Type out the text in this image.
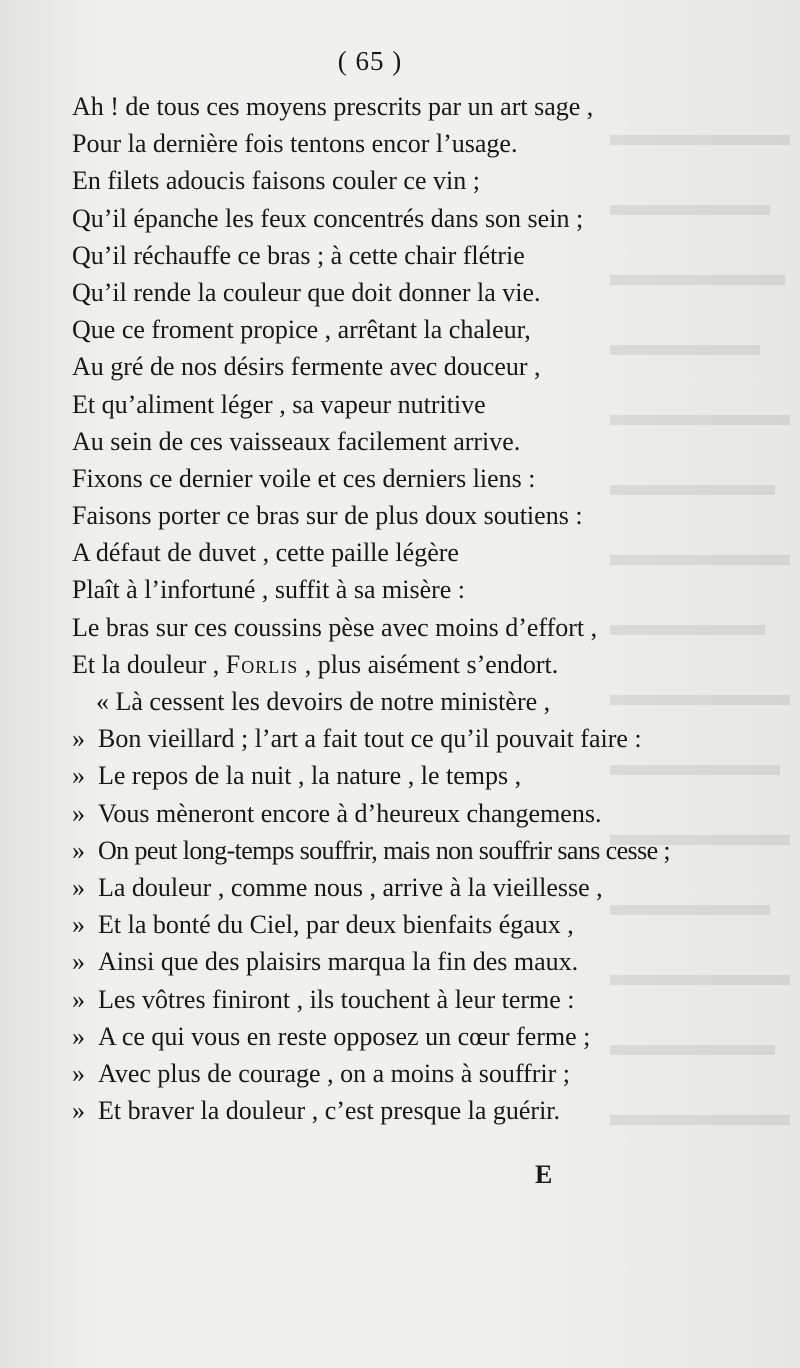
( 65 )
Ah ! de tous ces moyens prescrits par un art sage ,
Pour la dernière fois tentons encor l’usage.
En filets adoucis faisons couler ce vin ;
Qu’il épanche les feux concentrés dans son sein ;
Qu’il réchauffe ce bras ; à cette chair flétrie
Qu’il rende la couleur que doit donner la vie.
Que ce froment propice , arrêtant la chaleur,
Au gré de nos désirs fermente avec douceur ,
Et qu’aliment léger , sa vapeur nutritive
Au sein de ces vaisseaux facilement arrive.
Fixons ce dernier voile et ces derniers liens :
Faisons porter ce bras sur de plus doux soutiens :
A défaut de duvet , cette paille légère
Plaît à l’infortuné , suffit à sa misère :
Le bras sur ces coussins pèse avec moins d’effort ,
Et la douleur , Forlis , plus aisément s’endort.
« Là cessent les devoirs de notre ministère ,
» Bon vieillard ; l’art a fait tout ce qu’il pouvait faire :
» Le repos de la nuit , la nature , le temps ,
» Vous mèneront encore à d’heureux changemens.
» On peut long-temps souffrir, mais non souffrir sans cesse ;
» La douleur , comme nous , arrive à la vieillesse ,
» Et la bonté du Ciel, par deux bienfaits égaux ,
» Ainsi que des plaisirs marqua la fin des maux.
» Les vôtres finiront , ils touchent à leur terme :
» A ce qui vous en reste opposez un cœur ferme ;
» Avec plus de courage , on a moins à souffrir ;
» Et braver la douleur , c’est presque la guérir.
E
